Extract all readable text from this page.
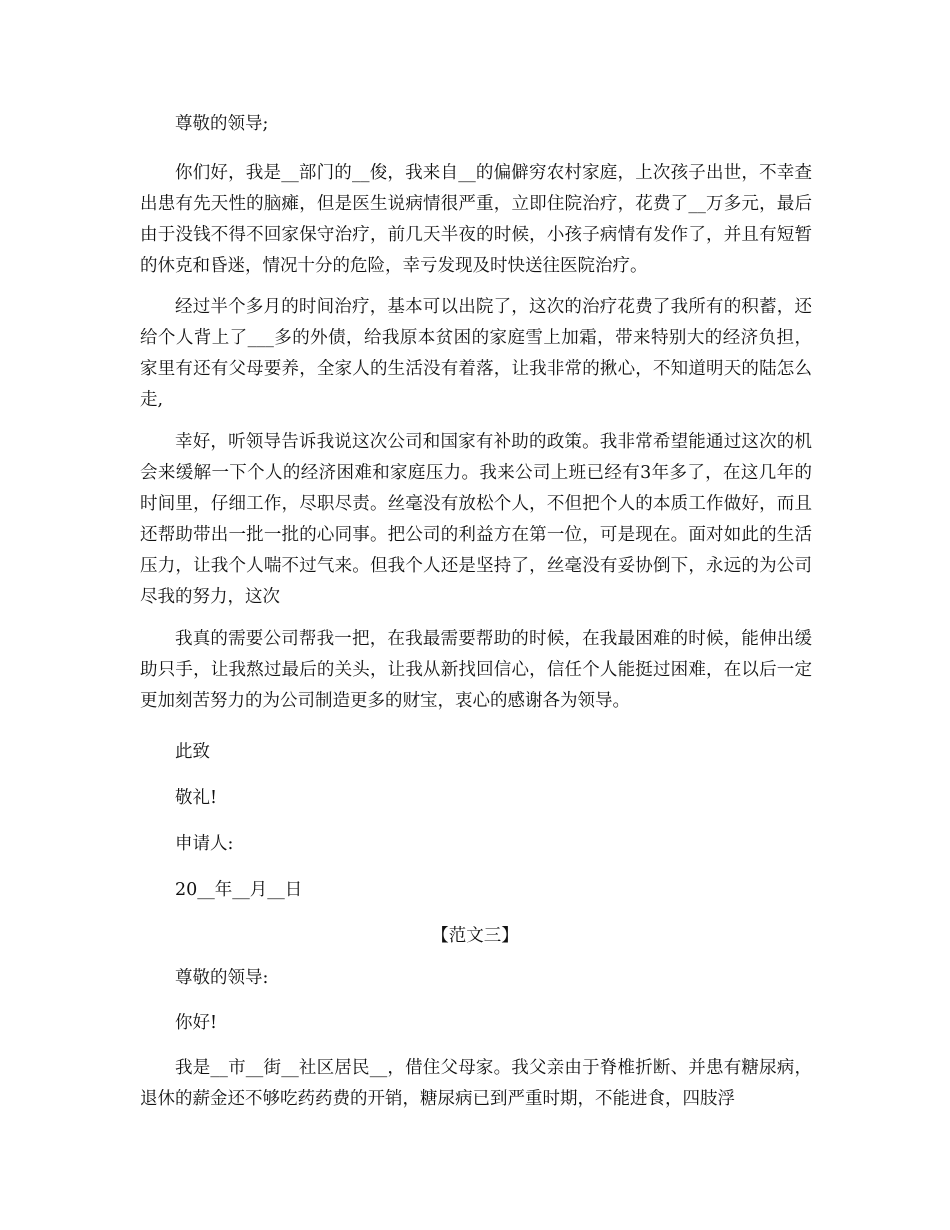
尊敬的领导;
你们好，我是__部门的__俊，我来自__的偏僻穷农村家庭，上次孩子出世，不幸查出患有先天性的脑瘫，但是医生说病情很严重，立即住院治疗，花费了__万多元，最后由于没钱不得不回家保守治疗，前几天半夜的时候，小孩子病情有发作了，并且有短暂的休克和昏迷，情况十分的危险，幸亏发现及时快送往医院治疗。
经过半个多月的时间治疗，基本可以出院了，这次的治疗花费了我所有的积蓄，还给个人背上了___多的外债，给我原本贫困的家庭雪上加霜，带来特别大的经济负担，家里有还有父母要养，全家人的生活没有着落，让我非常的揪心，不知道明天的陆怎么走,
幸好，听领导告诉我说这次公司和国家有补助的政策。我非常希望能通过这次的机会来缓解一下个人的经济困难和家庭压力。我来公司上班已经有3年多了，在这几年的时间里，仔细工作，尽职尽责。丝毫没有放松个人，不但把个人的本质工作做好，而且还帮助带出一批一批的心同事。把公司的利益方在第一位，可是现在。面对如此的生活压力，让我个人喘不过气来。但我个人还是坚持了，丝毫没有妥协倒下，永远的为公司尽我的努力，这次
我真的需要公司帮我一把，在我最需要帮助的时候，在我最困难的时候，能伸出缓助只手，让我熬过最后的关头，让我从新找回信心，信任个人能挺过困难，在以后一定更加刻苦努力的为公司制造更多的财宝，衷心的感谢各为领导。
此致
敬礼!
申请人:
20__年__月__日
【范文三】
尊敬的领导:
你好!
我是__市__街__社区居民__，借住父母家。我父亲由于脊椎折断、并患有糖尿病，退休的薪金还不够吃药药费的开销，糖尿病已到严重时期，不能进食，四肢浮
